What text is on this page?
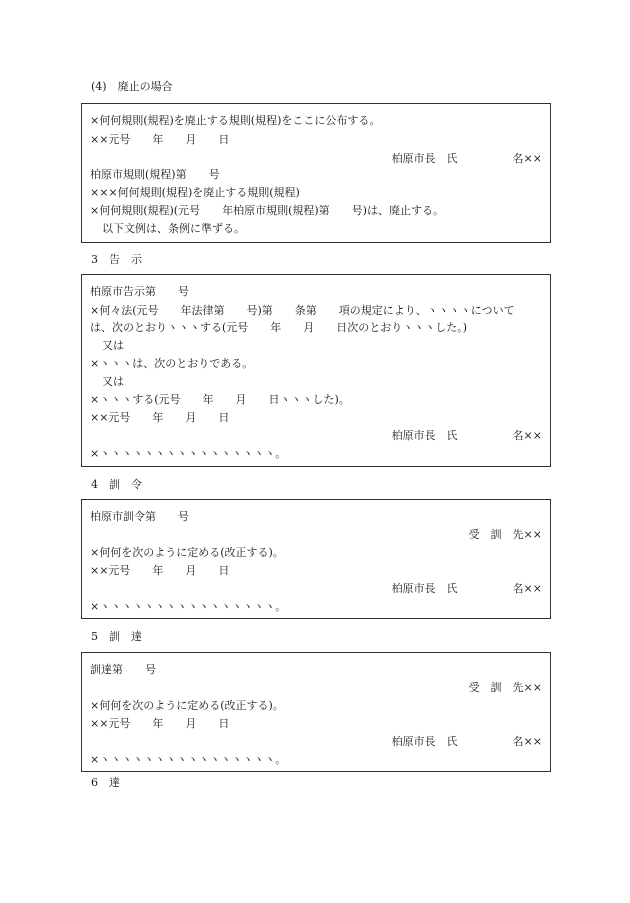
(4)　廃止の場合
×何何規則(規程)を廃止する規則(規程)をここに公布する。
××元号　　年　　月　　日
柏原市長　氏　　　　　名××
柏原市規則(規程)第　　号
×××何何規則(規程)を廃止する規則(規程)
×何何規則(規程)(元号　　年柏原市規則(規程)第　　号)は、廃止する。
以下文例は、条例に準ずる。
3　告　示
柏原市告示第　　号
×何々法(元号　　年法律第　　号)第　　条第　　項の規定により、ヽヽヽヽについて
は、次のとおりヽヽヽする(元号　　年　　月　　日次のとおりヽヽヽした。)
又は
×ヽヽヽは、次のとおりである。
又は
×ヽヽヽする(元号　　年　　月　　日ヽヽヽした)。
××元号　　年　　月　　日
柏原市長　氏　　　　　名××
×ヽヽヽヽヽヽヽヽヽヽヽヽヽヽヽヽ。
4　訓　令
柏原市訓令第　　号
受　訓　先××
×何何を次のように定める(改正する)。
××元号　　年　　月　　日
柏原市長　氏　　　　　名××
×ヽヽヽヽヽヽヽヽヽヽヽヽヽヽヽヽ。
5　訓　達
訓達第　　号
受　訓　先××
×何何を次のように定める(改正する)。
××元号　　年　　月　　日
柏原市長　氏　　　　　名××
×ヽヽヽヽヽヽヽヽヽヽヽヽヽヽヽヽ。
6　達
